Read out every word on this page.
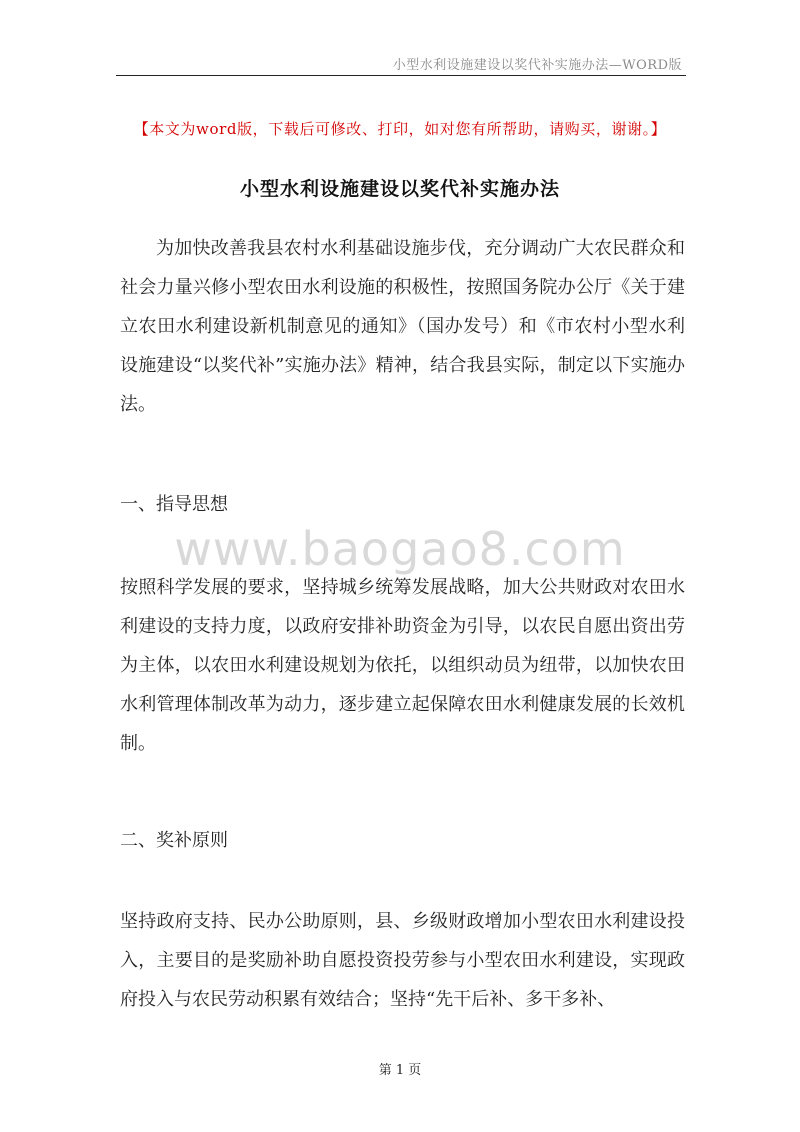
小型水利设施建设以奖代补实施办法—WORD版
【本文为word版，下载后可修改、打印，如对您有所帮助，请购买，谢谢。】
小型水利设施建设以奖代补实施办法

为加快改善我县农村水利基础设施步伐，充分调动广大农民群众和社会力量兴修小型农田水利设施的积极性，按照国务院办公厅《关于建立农田水利建设新机制意见的通知》（国办发号）和《市农村小型水利设施建设“以奖代补”实施办法》精神，结合我县实际，制定以下实施办法。

一、指导思想
www.baogao8.com

按照科学发展的要求，坚持城乡统筹发展战略，加大公共财政对农田水利建设的支持力度，以政府安排补助资金为引导，以农民自愿出资出劳为主体，以农田水利建设规划为依托，以组织动员为纽带，以加快农田水利管理体制改革为动力，逐步建立起保障农田水利健康发展的长效机制。

二、奖补原则

坚持政府支持、民办公助原则，县、乡级财政增加小型农田水利建设投入，主要目的是奖励补助自愿投资投劳参与小型农田水利建设，实现政府投入与农民劳动积累有效结合；坚持“先干后补、多干多补、

第 1 页
